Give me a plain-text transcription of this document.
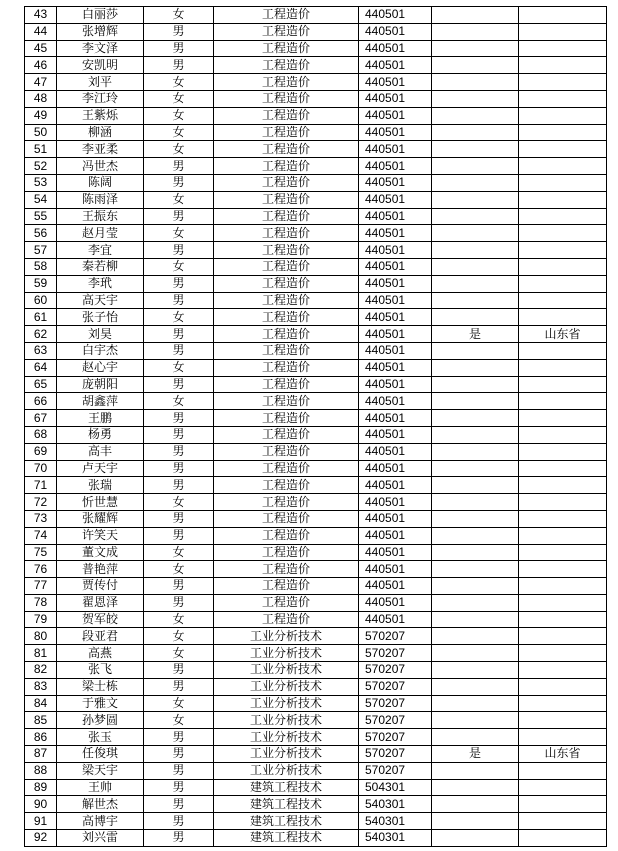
43	白丽莎	女	工程造价	440501		
44	张增辉	男	工程造价	440501		
45	李文泽	男	工程造价	440501		
46	安凯明	男	工程造价	440501		
47	刘平	女	工程造价	440501		
48	李江玲	女	工程造价	440501		
49	王紫烁	女	工程造价	440501		
50	柳涵	女	工程造价	440501		
51	李亚柔	女	工程造价	440501		
52	冯世杰	男	工程造价	440501		
53	陈阔	男	工程造价	440501		
54	陈雨泽	女	工程造价	440501		
55	王振东	男	工程造价	440501		
56	赵月莹	女	工程造价	440501		
57	李宜	男	工程造价	440501		
58	秦若柳	女	工程造价	440501		
59	李玳	男	工程造价	440501		
60	高天宇	男	工程造价	440501		
61	张子怡	女	工程造价	440501		
62	刘昊	男	工程造价	440501	是	山东省
63	白宇杰	男	工程造价	440501		
64	赵心宇	女	工程造价	440501		
65	庞朝阳	男	工程造价	440501		
66	胡鑫萍	女	工程造价	440501		
67	王鹏	男	工程造价	440501		
68	杨勇	男	工程造价	440501		
69	高丰	男	工程造价	440501		
70	卢天宇	男	工程造价	440501		
71	张瑞	男	工程造价	440501		
72	忻世慧	女	工程造价	440501		
73	张耀辉	男	工程造价	440501		
74	许笑天	男	工程造价	440501		
75	董文成	女	工程造价	440501		
76	普艳萍	女	工程造价	440501		
77	贾传付	男	工程造价	440501		
78	翟恩泽	男	工程造价	440501		
79	贺军皎	女	工程造价	440501		
80	段亚君	女	工业分析技术	570207		
81	高燕	女	工业分析技术	570207		
82	张飞	男	工业分析技术	570207		
83	梁士栋	男	工业分析技术	570207		
84	于雅文	女	工业分析技术	570207		
85	孙梦圆	女	工业分析技术	570207		
86	张玉	男	工业分析技术	570207		
87	任俊琪	男	工业分析技术	570207	是	山东省
88	梁天宇	男	工业分析技术	570207		
89	王帅	男	建筑工程技术	504301		
90	解世杰	男	建筑工程技术	540301		
91	高博宇	男	建筑工程技术	540301		
92	刘兴雷	男	建筑工程技术	540301		
